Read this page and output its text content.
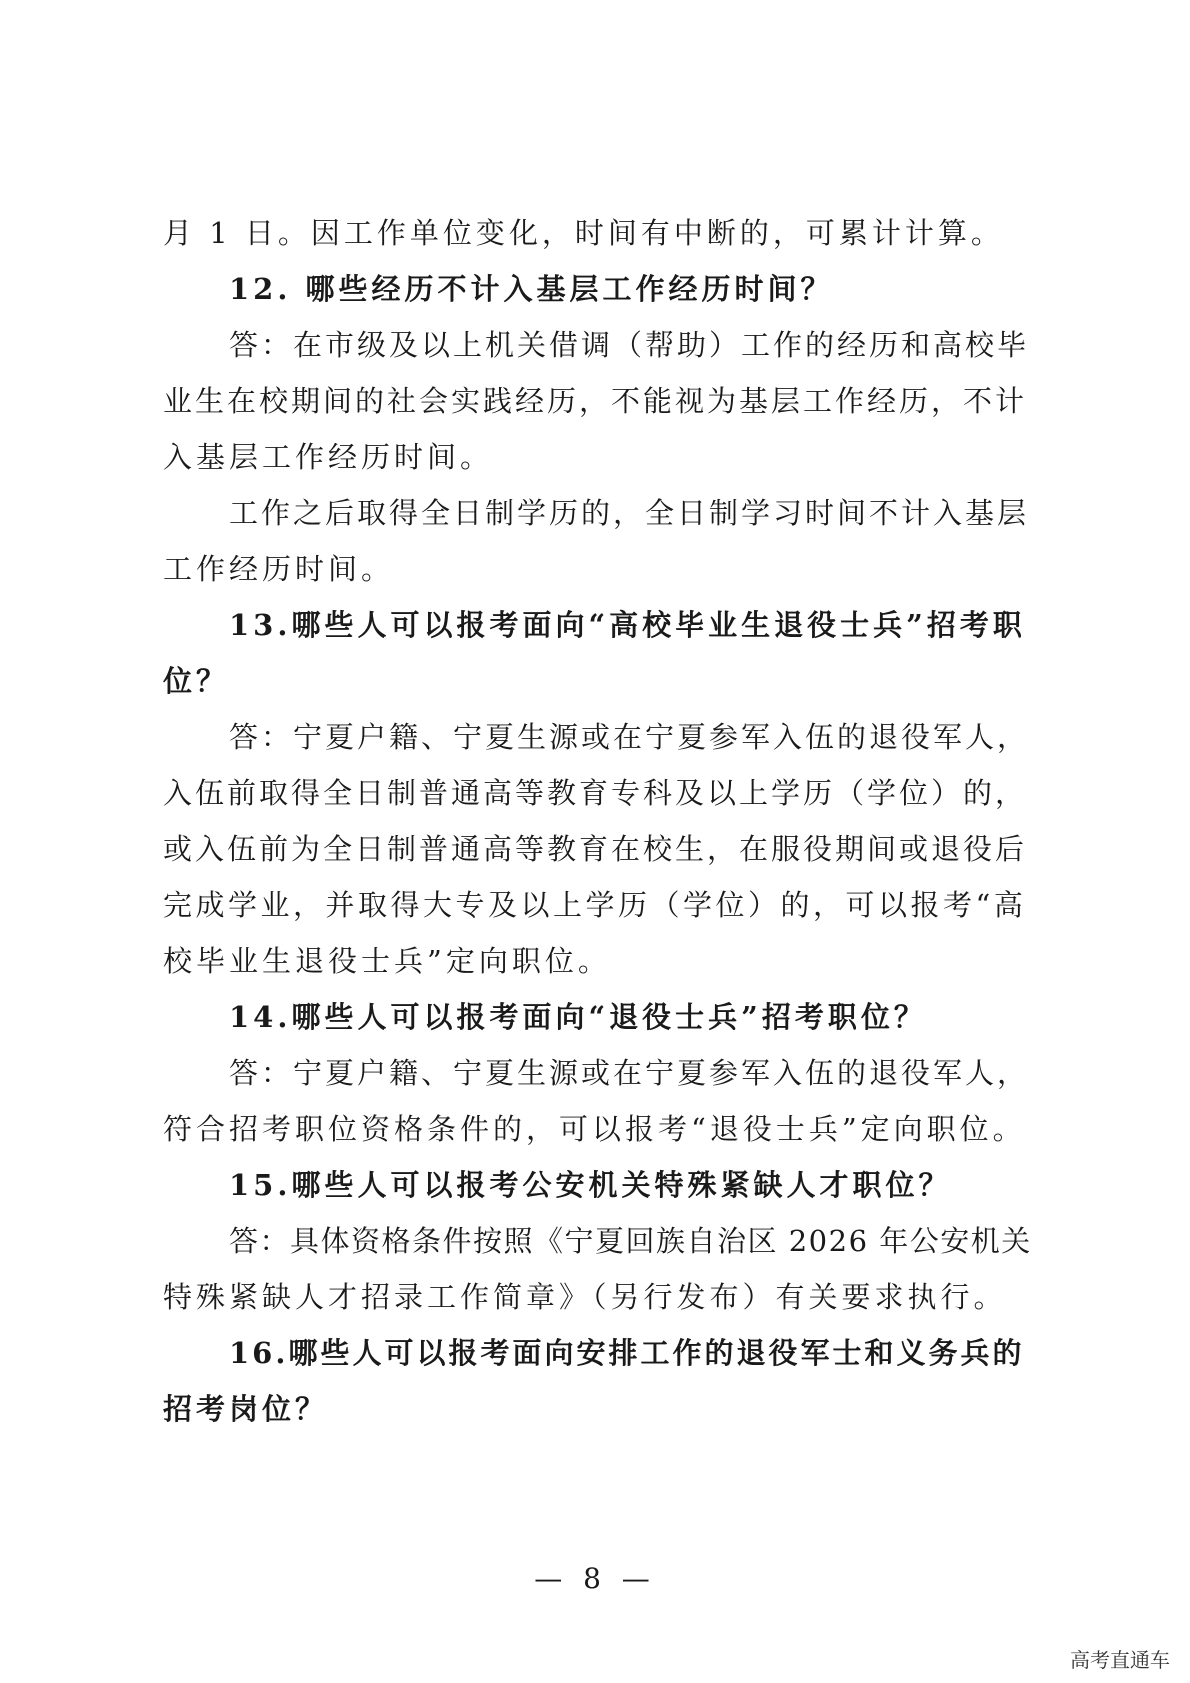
月 1 日。因工作单位变化，时间有中断的，可累计计算。
12. 哪些经历不计入基层工作经历时间？
答：在市级及以上机关借调（帮助）工作的经历和高校毕
业生在校期间的社会实践经历，不能视为基层工作经历，不计
入基层工作经历时间。
工作之后取得全日制学历的，全日制学习时间不计入基层
工作经历时间。
13.哪些人可以报考面向“高校毕业生退役士兵”招考职
位？
答：宁夏户籍、宁夏生源或在宁夏参军入伍的退役军人，
入伍前取得全日制普通高等教育专科及以上学历（学位）的，
或入伍前为全日制普通高等教育在校生，在服役期间或退役后
完成学业，并取得大专及以上学历（学位）的，可以报考“高
校毕业生退役士兵”定向职位。
14.哪些人可以报考面向“退役士兵”招考职位？
答：宁夏户籍、宁夏生源或在宁夏参军入伍的退役军人，
符合招考职位资格条件的，可以报考“退役士兵”定向职位。
15.哪些人可以报考公安机关特殊紧缺人才职位？
答：具体资格条件按照《宁夏回族自治区 2026 年公安机关
特殊紧缺人才招录工作简章》（另行发布）有关要求执行。
16.哪些人可以报考面向安排工作的退役军士和义务兵的
招考岗位？
— 8 —
高考直通车
